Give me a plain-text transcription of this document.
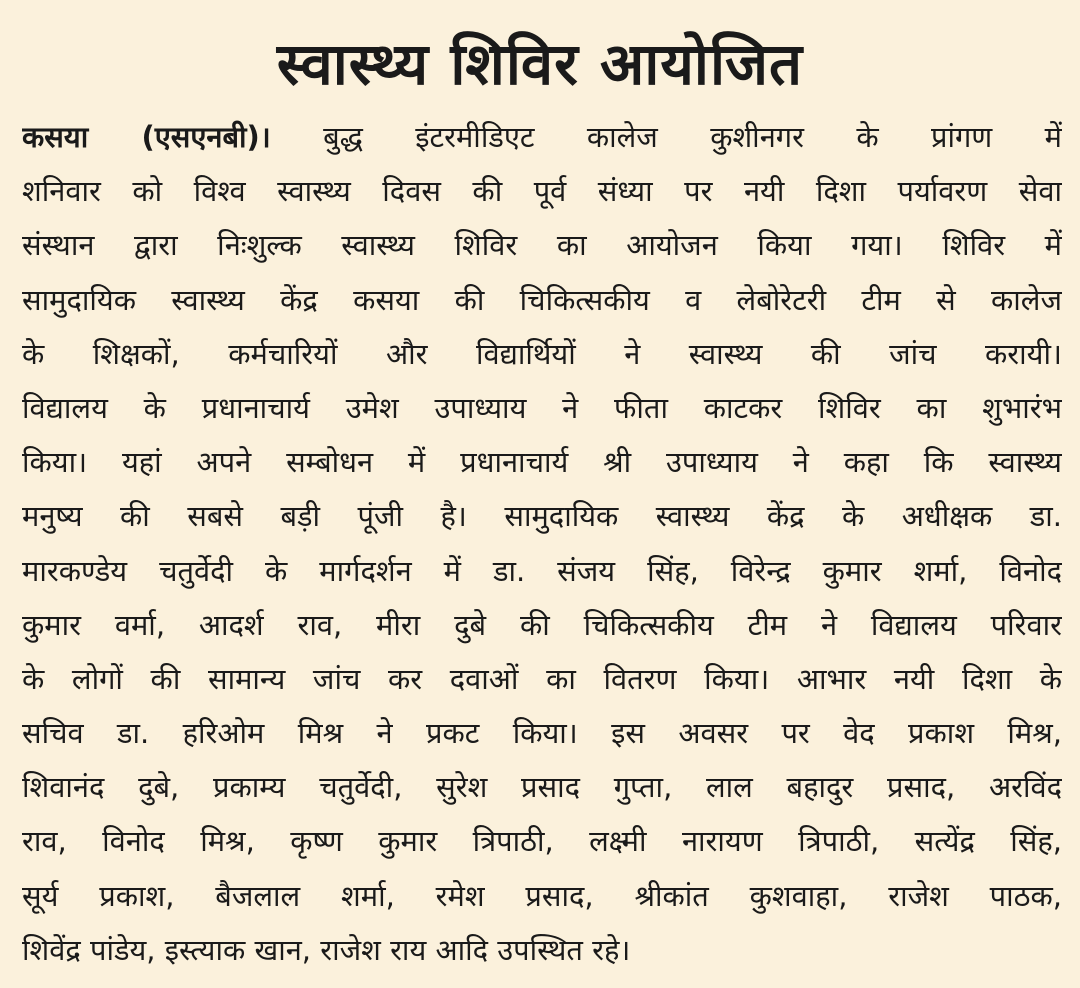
स्वास्थ्य शिविर आयोजित
कसया (एसएनबी)। बुद्ध इंटरमीडिएट कालेज कुशीनगर के प्रांगण में
शनिवार को विश्व स्वास्थ्य दिवस की पूर्व संध्या पर नयी दिशा पर्यावरण सेवा
संस्थान द्वारा निःशुल्क स्वास्थ्य शिविर का आयोजन किया गया। शिविर में
सामुदायिक स्वास्थ्य केंद्र कसया की चिकित्सकीय व लेबोरेटरी टीम से कालेज
के शिक्षकों, कर्मचारियों और विद्यार्थियों ने स्वास्थ्य की जांच करायी।
विद्यालय के प्रधानाचार्य उमेश उपाध्याय ने फीता काटकर शिविर का शुभारंभ
किया। यहां अपने सम्बोधन में प्रधानाचार्य श्री उपाध्याय ने कहा कि स्वास्थ्य
मनुष्य की सबसे बड़ी पूंजी है। सामुदायिक स्वास्थ्य केंद्र के अधीक्षक डा.
मारकण्डेय चतुर्वेदी के मार्गदर्शन में डा. संजय सिंह, विरेन्द्र कुमार शर्मा, विनोद
कुमार वर्मा, आदर्श राव, मीरा दुबे की चिकित्सकीय टीम ने विद्यालय परिवार
के लोगों की सामान्य जांच कर दवाओं का वितरण किया। आभार नयी दिशा के
सचिव डा. हरिओम मिश्र ने प्रकट किया। इस अवसर पर वेद प्रकाश मिश्र,
शिवानंद दुबे, प्रकाम्य चतुर्वेदी, सुरेश प्रसाद गुप्ता, लाल बहादुर प्रसाद, अरविंद
राव, विनोद मिश्र, कृष्ण कुमार त्रिपाठी, लक्ष्मी नारायण त्रिपाठी, सत्येंद्र सिंह,
सूर्य प्रकाश, बैजलाल शर्मा, रमेश प्रसाद, श्रीकांत कुशवाहा, राजेश पाठक,
शिवेंद्र पांडेय, इस्त्याक खान, राजेश राय आदि उपस्थित रहे।
